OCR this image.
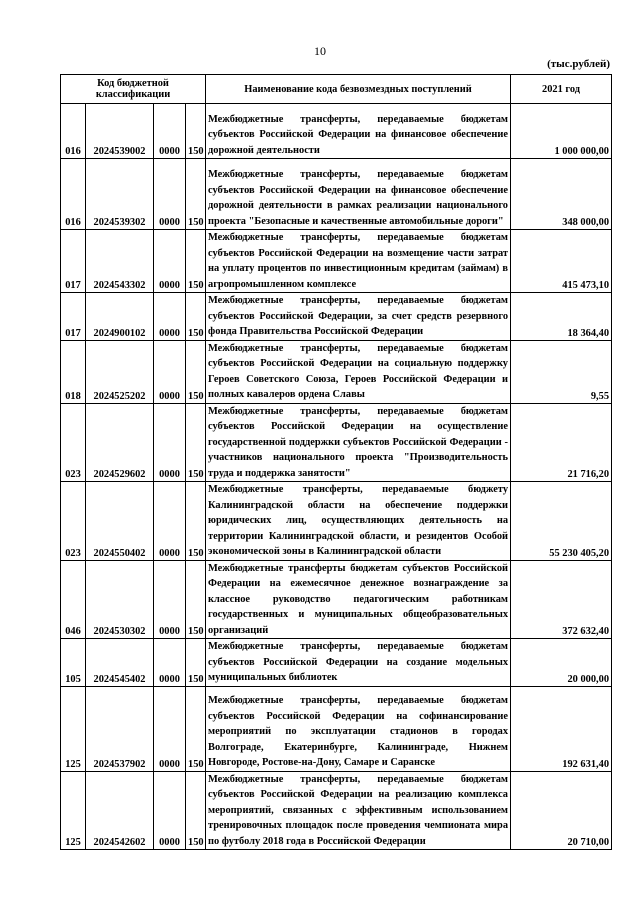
10
(тыс.рублей)
Код бюджетной классификации				Наименование кода безвозмездных поступлений	2021 год
016	2024539002	0000	150	Межбюджетные трансферты, передаваемые бюджетам субъектов Российской Федерации на финансовое обеспечение дорожной деятельности	1 000 000,00
016	2024539302	0000	150	Межбюджетные трансферты, передаваемые бюджетам субъектов Российской Федерации на финансовое обеспечение дорожной деятельности в рамках реализации национального проекта "Безопасные и качественные автомобильные дороги"	348 000,00
017	2024543302	0000	150	Межбюджетные трансферты, передаваемые бюджетам субъектов Российской Федерации на возмещение части затрат на уплату процентов по инвестиционным кредитам (займам) в агропромышленном комплексе	415 473,10
017	2024900102	0000	150	Межбюджетные трансферты, передаваемые бюджетам субъектов Российской Федерации, за счет средств резервного фонда Правительства Российской Федерации	18 364,40
018	2024525202	0000	150	Межбюджетные трансферты, передаваемые бюджетам субъектов Российской Федерации на социальную поддержку Героев Советского Союза, Героев Российской Федерации и полных кавалеров ордена Славы	9,55
023	2024529602	0000	150	Межбюджетные трансферты, передаваемые бюджетам субъектов Российской Федерации на осуществление государственной поддержки субъектов Российской Федерации - участников национального проекта "Производительность труда и поддержка занятости"	21 716,20
023	2024550402	0000	150	Межбюджетные трансферты, передаваемые бюджету Калининградской области на обеспечение поддержки юридических лиц, осуществляющих деятельность на территории Калининградской области, и резидентов Особой экономической зоны в Калининградской области	55 230 405,20
046	2024530302	0000	150	Межбюджетные трансферты бюджетам субъектов Российской Федерации на ежемесячное денежное вознаграждение за классное руководство педагогическим работникам государственных и муниципальных общеобразовательных организаций	372 632,40
105	2024545402	0000	150	Межбюджетные трансферты, передаваемые бюджетам субъектов Российской Федерации на создание модельных муниципальных библиотек	20 000,00
125	2024537902	0000	150	Межбюджетные трансферты, передаваемые бюджетам субъектов Российской Федерации на софинансирование мероприятий по эксплуатации стадионов в городах Волгограде, Екатеринбурге, Калининграде, Нижнем Новгороде, Ростове-на-Дону, Самаре и Саранске	192 631,40
125	2024542602	0000	150	Межбюджетные трансферты, передаваемые бюджетам субъектов Российской Федерации на реализацию комплекса мероприятий, связанных с эффективным использованием тренировочных площадок после проведения чемпионата мира по футболу 2018 года в Российской Федерации	20 710,00
